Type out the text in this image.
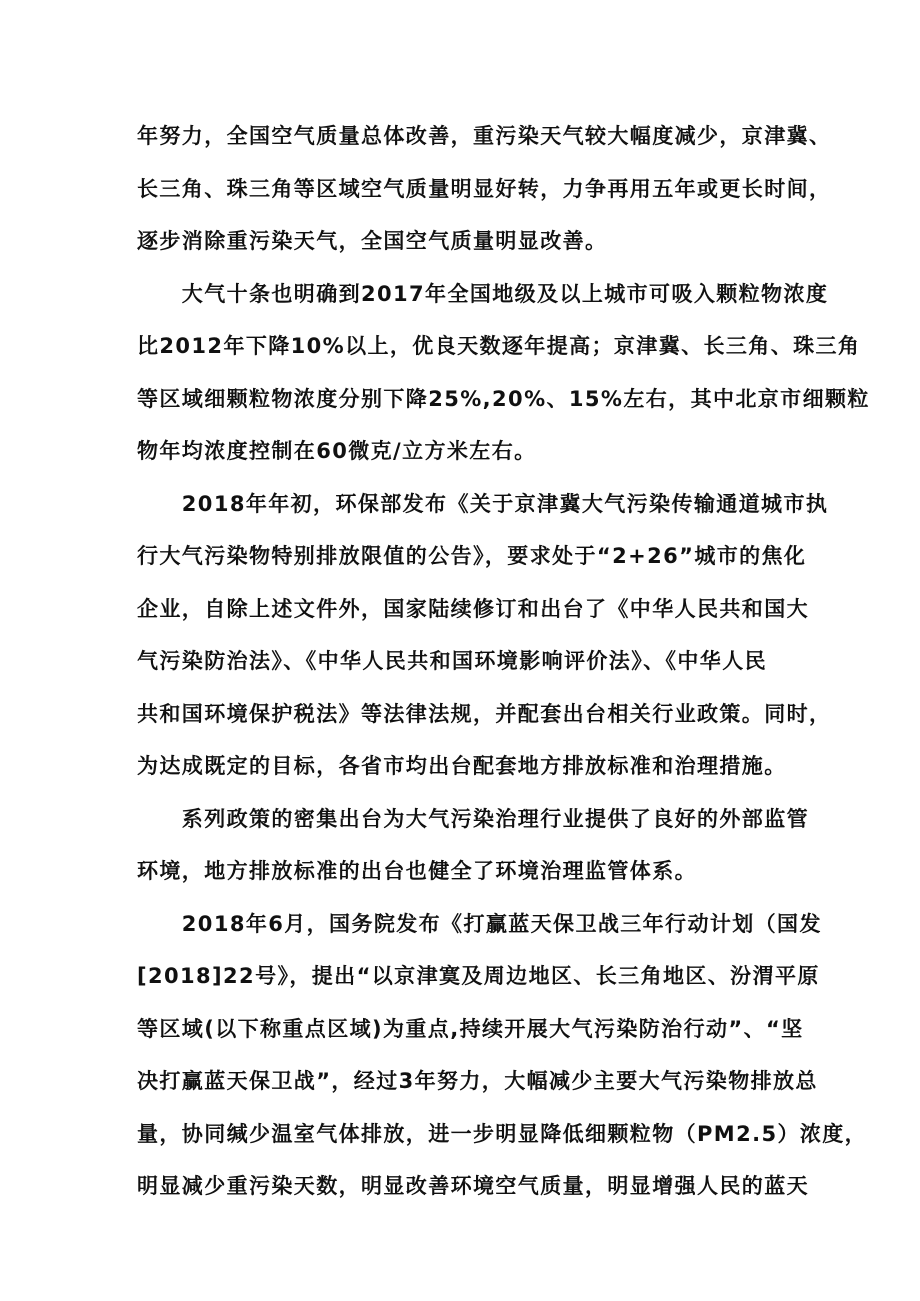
年努力，全国空气质量总体改善，重污染天气较大幅度减少，京津冀、
长三角、珠三角等区域空气质量明显好转，力争再用五年或更长时间，
逐步消除重污染天气，全国空气质量明显改善。

　　大气十条也明确到2017年全国地级及以上城市可吸入颗粒物浓度
比2012年下降10%以上，优良天数逐年提高；京津冀、长三角、珠三角
等区域细颗粒物浓度分别下降25%,20%、15%左右，其中北京市细颗粒
物年均浓度控制在60微克/立方米左右。

　　2018年年初，环保部发布《关于京津冀大气污染传输通道城市执
行大气污染物特别排放限值的公告》，要求处于“2+26”城市的焦化
企业，自除上述文件外，国家陆续修订和出台了《中华人民共和国大
气污染防治法》、《中华人民共和国环境影响评价法》、《中华人民
共和国环境保护税法》等法律法规，并配套出台相关行业政策。同时，
为达成既定的目标，各省市均出台配套地方排放标准和治理措施。

　　系列政策的密集出台为大气污染治理行业提供了良好的外部监管
环境，地方排放标准的出台也健全了环境治理监管体系。

　　2018年6月，国务院发布《打赢蓝天保卫战三年行动计划（国发
[2018]22号》，提出“以京津寞及周边地区、长三角地区、汾渭平原
等区域(以下称重点区域)为重点,持续开展大气污染防治行动”、“坚
决打赢蓝天保卫战”，经过3年努力，大幅减少主要大气污染物排放总
量，协同缄少温室气体排放，进一步明显降低细颗粒物（PM2.5）浓度，
明显减少重污染天数，明显改善环境空气质量，明显增强人民的蓝天
